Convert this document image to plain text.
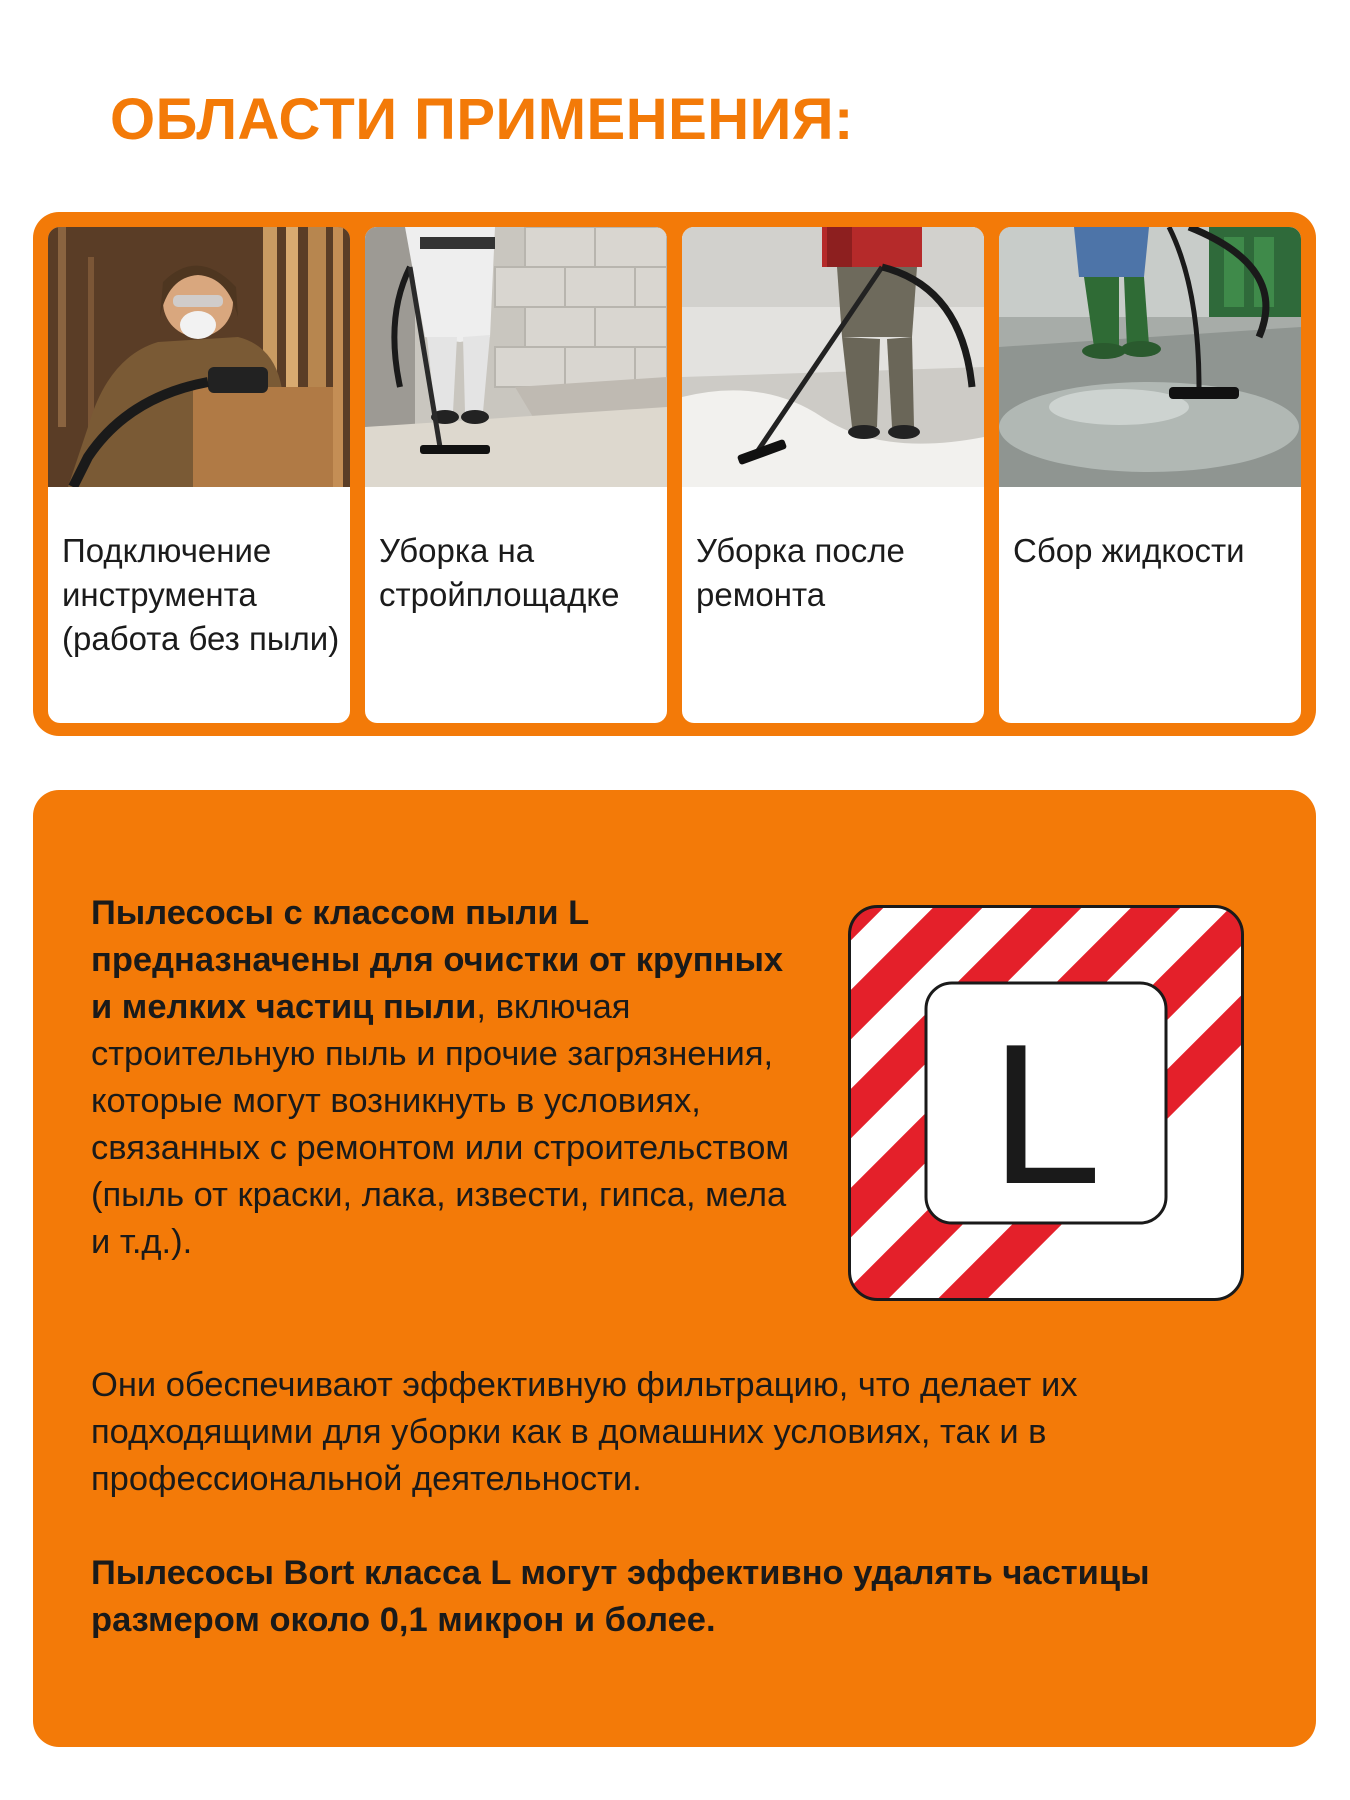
ОБЛАСТИ ПРИМЕНЕНИЯ:
Подключение инструмента (работа без пыли)
Уборка на стройплощадке
Уборка после ремонта
Сбор жидкости
Пылесосы с классом пыли L предназначены для очистки от крупных и мелких частиц пыли, включая строительную пыль и прочие загрязнения, которые могут возникнуть в условиях, связанных с ремонтом или строительством (пыль от краски, лака, извести, гипса, мела и т.д.).
L
Они обеспечивают эффективную фильтрацию, что делает их подходящими для уборки как в домашних условиях, так и в профессиональной деятельности.
Пылесосы Bort класса L могут эффективно удалять частицы размером около 0,1 микрон и более.
